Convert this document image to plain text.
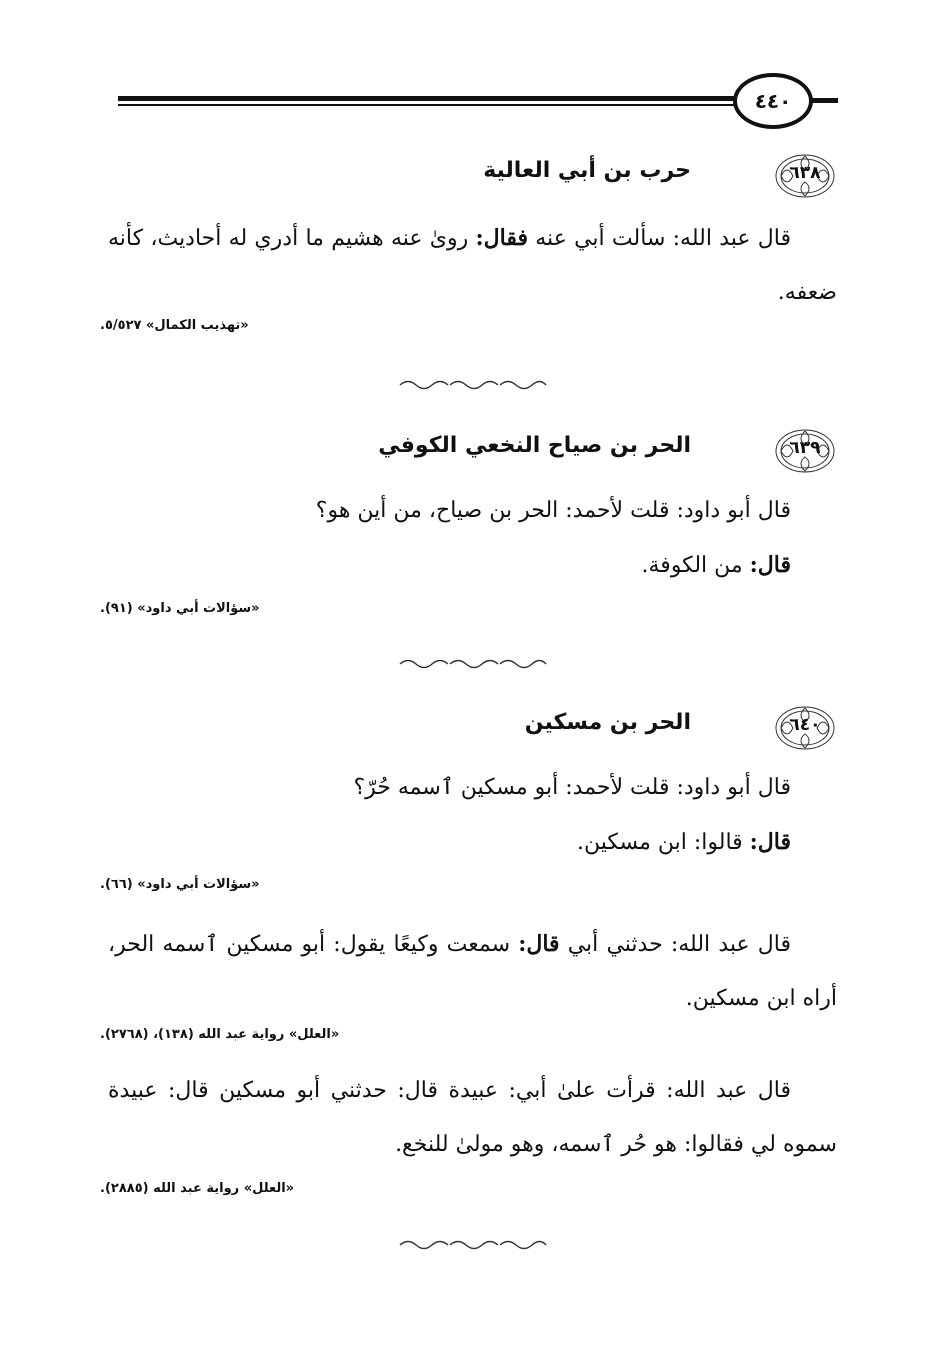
٤٤٠
٦٣٨
حرب بن أبي العالية
قال عبد الله: سألت أبي عنه فقال: روىٰ عنه هشيم ما أدري له أحاديث، كأنه ضعفه.
«تهذيب الكمال» ٥/٥٢٧.
٦٣٩
الحر بن صياح النخعي الكوفي
قال أبو داود: قلت لأحمد: الحر بن صياح، من أين هو؟
قال: من الكوفة.
«سؤالات أبي داود» (٩١).
٦٤٠
الحر بن مسكين
قال أبو داود: قلت لأحمد: أبو مسكين ٱسمه حُرّ؟
قال: قالوا: ابن مسكين.
«سؤالات أبي داود» (٦٦).
قال عبد الله: حدثني أبي قال: سمعت وكيعًا يقول: أبو مسكين ٱسمه الحر، أراه ابن مسكين.
«العلل» رواية عبد الله (١٣٨)، (٢٧٦٨).
قال عبد الله: قرأت علىٰ أبي: عبيدة قال: حدثني أبو مسكين قال: عبيدة سموه لي فقالوا: هو حُر ٱسمه، وهو مولىٰ للنخع.
«العلل» رواية عبد الله (٢٨٨٥).
